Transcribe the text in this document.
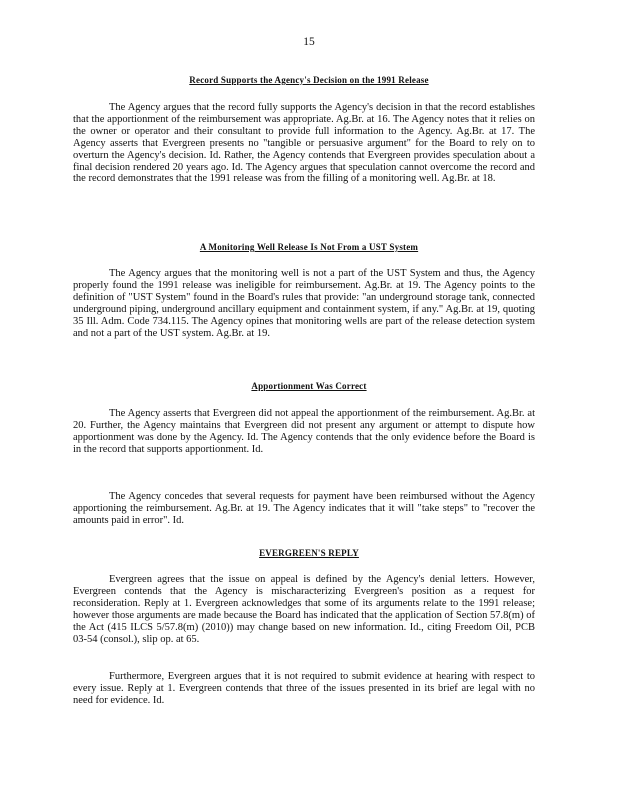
15
Record Supports the Agency's Decision on the 1991 Release

The Agency argues that the record fully supports the Agency's decision in that the record establishes that the apportionment of the reimbursement was appropriate. Ag.Br. at 16. The Agency notes that it relies on the owner or operator and their consultant to provide full information to the Agency. Ag.Br. at 17. The Agency asserts that Evergreen presents no "tangible or persuasive argument" for the Board to rely on to overturn the Agency's decision. Id. Rather, the Agency contends that Evergreen provides speculation about a final decision rendered 20 years ago. Id. The Agency argues that speculation cannot overcome the record and the record demonstrates that the 1991 release was from the filling of a monitoring well. Ag.Br. at 18.

A Monitoring Well Release Is Not From a UST System

The Agency argues that the monitoring well is not a part of the UST System and thus, the Agency properly found the 1991 release was ineligible for reimbursement. Ag.Br. at 19. The Agency points to the definition of "UST System" found in the Board's rules that provide: "an underground storage tank, connected underground piping, underground ancillary equipment and containment system, if any." Ag.Br. at 19, quoting 35 Ill. Adm. Code 734.115. The Agency opines that monitoring wells are part of the release detection system and not a part of the UST system. Ag.Br. at 19.

Apportionment Was Correct

The Agency asserts that Evergreen did not appeal the apportionment of the reimbursement. Ag.Br. at 20. Further, the Agency maintains that Evergreen did not present any argument or attempt to dispute how apportionment was done by the Agency. Id. The Agency contends that the only evidence before the Board is in the record that supports apportionment. Id.

The Agency concedes that several requests for payment have been reimbursed without the Agency apportioning the reimbursement. Ag.Br. at 19. The Agency indicates that it will "take steps" to "recover the amounts paid in error". Id.

EVERGREEN'S REPLY

Evergreen agrees that the issue on appeal is defined by the Agency's denial letters. However, Evergreen contends that the Agency is mischaracterizing Evergreen's position as a request for reconsideration. Reply at 1. Evergreen acknowledges that some of its arguments relate to the 1991 release; however those arguments are made because the Board has indicated that the application of Section 57.8(m) of the Act (415 ILCS 5/57.8(m) (2010)) may change based on new information. Id., citing Freedom Oil, PCB 03-54 (consol.), slip op. at 65.

Furthermore, Evergreen argues that it is not required to submit evidence at hearing with respect to every issue. Reply at 1. Evergreen contends that three of the issues presented in its brief are legal with no need for evidence. Id.
